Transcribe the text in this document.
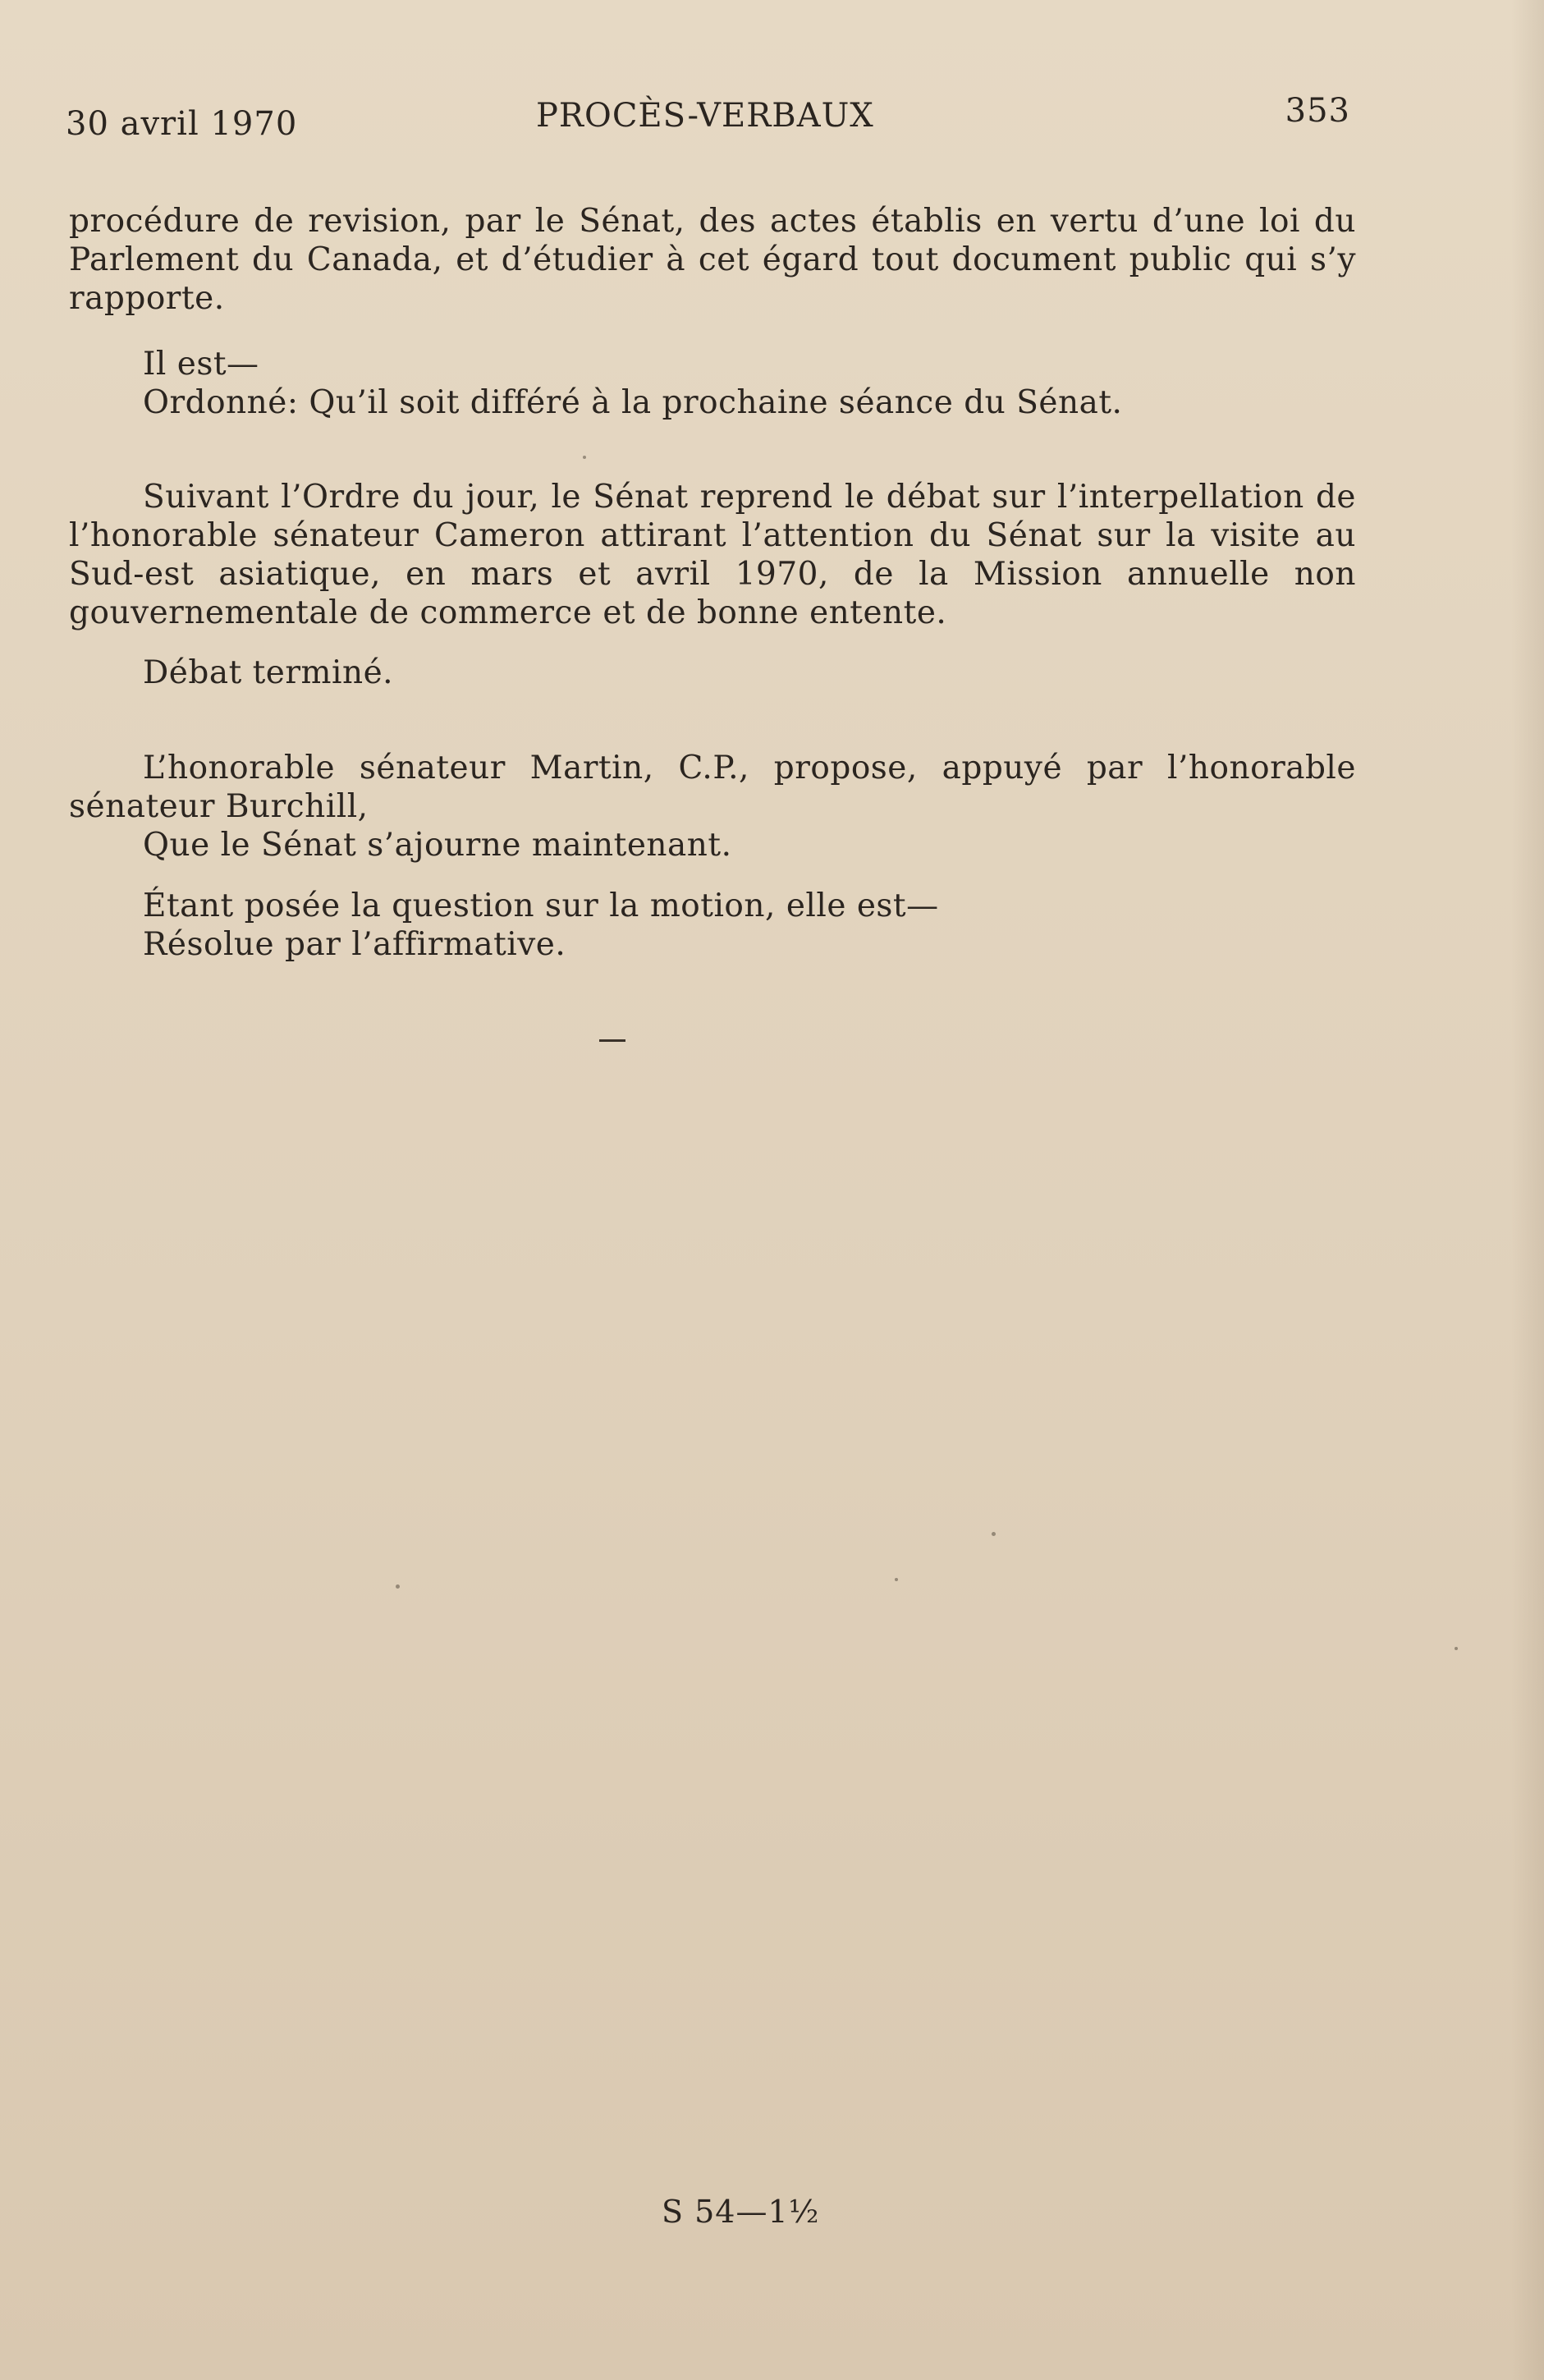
30 avril 1970	PROCÈS-VERBAUX	353

procédure de revision, par le Sénat, des actes établis en vertu d’une loi du Parlement du Canada, et d’étudier à cet égard tout document public qui s’y rapporte.

Il est—

Ordonné: Qu’il soit différé à la prochaine séance du Sénat.

Suivant l’Ordre du jour, le Sénat reprend le débat sur l’interpellation de l’honorable sénateur Cameron attirant l’attention du Sénat sur la visite au Sud-est asiatique, en mars et avril 1970, de la Mission annuelle non gouvernementale de commerce et de bonne entente.

Débat terminé.

L’honorable sénateur Martin, C.P., propose, appuyé par l’honorable sénateur Burchill,

Que le Sénat s’ajourne maintenant.

Étant posée la question sur la motion, elle est—

Résolue par l’affirmative.

S 54—1½
